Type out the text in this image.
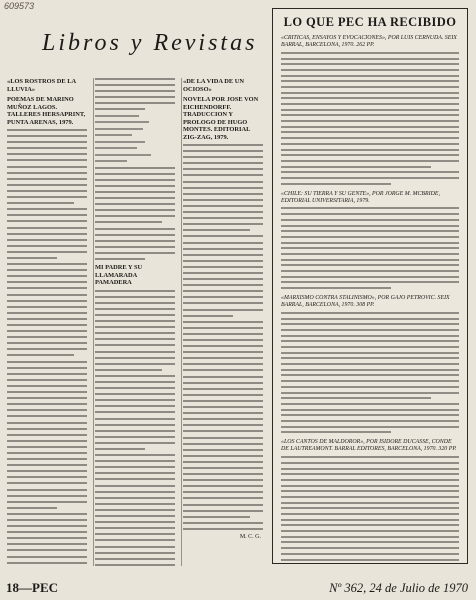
609573
Libros y Revistas
«LOS ROSTROS DE LA LLUVIA»
POEMAS DE MARINO MUÑOZ LAGOS. TALLERES HERSAPRINT, PUNTA ARENAS, 1979.
MI PADRE Y SU LLAMARADA PAMADERA
«DE LA VIDA DE UN OCIOSO»
NOVELA POR JOSE VON EICHENDORFF. TRADUCCION Y PROLOGO DE HUGO MONTES. EDITORIAL ZIG-ZAG, 1979.
M. C. G.
LO QUE PEC HA RECIBIDO
«CRITICAS, ENSAYOS Y EVOCACIONES», POR LUIS CERNUDA. SEIX BARRAL, BARCELONA, 1970. 262 PP.
«CHILE: SU TIERRA Y SU GENTE», POR JORGE M. MCBRIDE, EDITORIAL UNIVERSITARIA, 1979.
«MARXISMO CONTRA STALINISMO», POR GAJO PETROVIC. SEIX BARRAL, BARCELONA, 1970. 308 PP.
«LOS CANTOS DE MALDOROR», POR ISIDORE DUCASSE, CONDE DE LAUTREAMONT. BARRAL EDITORES, BARCELONA, 1970. 320 PP.
18—PEC	Nº 362, 24 de Julio de 1970
